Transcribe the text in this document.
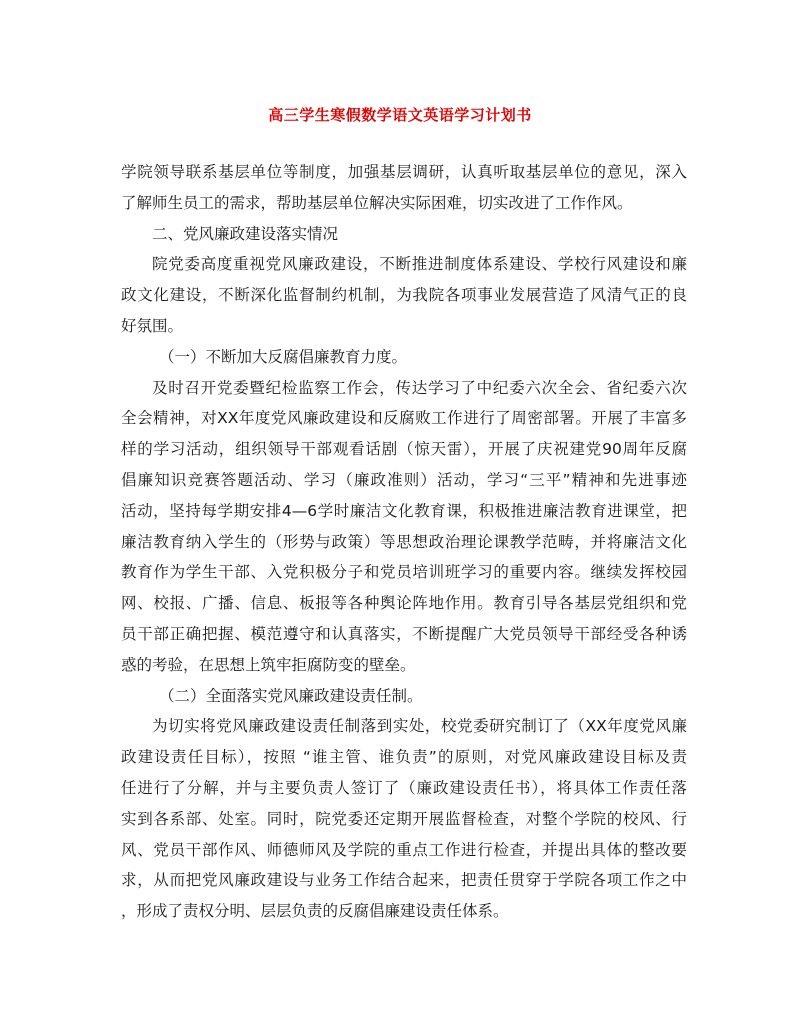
高三学生寒假数学语文英语学习计划书
学院领导联系基层单位等制度，加强基层调研，认真听取基层单位的意见，深入
了解师生员工的需求，帮助基层单位解决实际困难，切实改进了工作作风。
二、党风廉政建设落实情况
院党委高度重视党风廉政建设，不断推进制度体系建设、学校行风建设和廉
政文化建设，不断深化监督制约机制，为我院各项事业发展营造了风清气正的良
好氛围。
（一）不断加大反腐倡廉教育力度。
及时召开党委暨纪检监察工作会，传达学习了中纪委六次全会、省纪委六次
全会精神，对XX年度党风廉政建设和反腐败工作进行了周密部署。开展了丰富多
样的学习活动，组织领导干部观看话剧（惊天雷），开展了庆祝建党90周年反腐
倡廉知识竞赛答题活动、学习（廉政准则）活动，学习“三平”精神和先进事迹
活动，坚持每学期安排4—6学时廉洁文化教育课，积极推进廉洁教育进课堂，把
廉洁教育纳入学生的（形势与政策）等思想政治理论课教学范畴，并将廉洁文化
教育作为学生干部、入党积极分子和党员培训班学习的重要内容。继续发挥校园
网、校报、广播、信息、板报等各种舆论阵地作用。教育引导各基层党组织和党
员干部正确把握、模范遵守和认真落实，不断提醒广大党员领导干部经受各种诱
惑的考验，在思想上筑牢拒腐防变的壁垒。
（二）全面落实党风廉政建设责任制。
为切实将党风廉政建设责任制落到实处，校党委研究制订了（XX年度党风廉
政建设责任目标），按照 “谁主管、谁负责”的原则，对党风廉政建设目标及责
任进行了分解，并与主要负责人签订了（廉政建设责任书），将具体工作责任落
实到各系部、处室。同时，院党委还定期开展监督检查，对整个学院的校风、行
风、党员干部作风、师德师风及学院的重点工作进行检查，并提出具体的整改要
求，从而把党风廉政建设与业务工作结合起来，把责任贯穿于学院各项工作之中
，形成了责权分明、层层负责的反腐倡廉建设责任体系。
